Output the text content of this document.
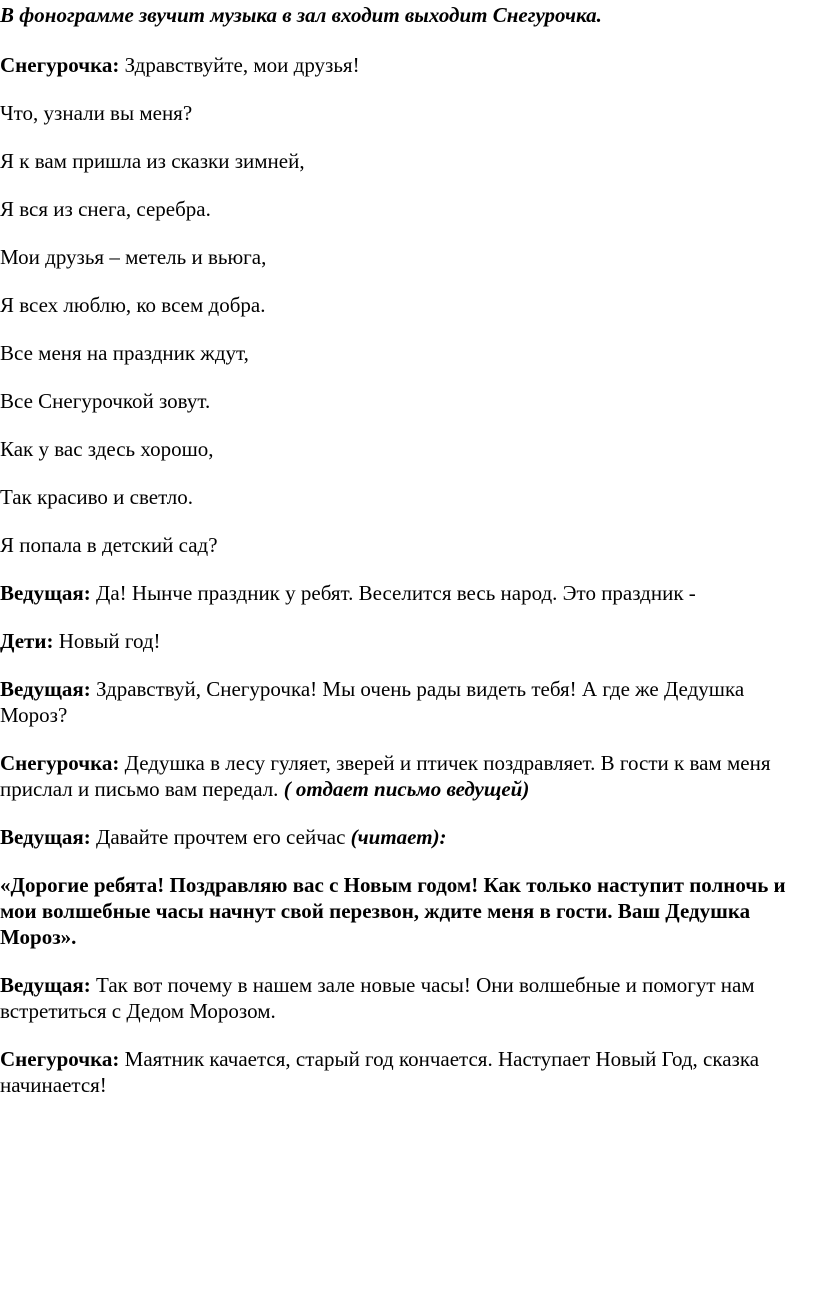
В фонограмме звучит музыка в зал входит выходит Снегурочка.

Снегурочка: Здравствуйте, мои друзья!

Что, узнали вы меня?

Я к вам пришла из сказки зимней,

Я вся из снега, серебра.

Мои друзья – метель и вьюга,

Я всех люблю, ко всем добра.

Все меня на праздник ждут,

Все Снегурочкой зовут.

Как у вас здесь хорошо,

Так красиво и светло.

Я попала в детский сад?

Ведущая: Да! Нынче праздник у ребят. Веселится весь народ. Это праздник -

Дети: Новый год!

Ведущая: Здравствуй, Снегурочка! Мы очень рады видеть тебя! А где же Дедушка Мороз?

Снегурочка: Дедушка в лесу гуляет, зверей и птичек поздравляет. В гости к вам меня прислал и письмо вам передал. ( отдает письмо ведущей)

Ведущая: Давайте прочтем его сейчас (читает):

«Дорогие ребята! Поздравляю вас с Новым годом! Как только наступит полночь и мои волшебные часы начнут свой перезвон, ждите меня в гости. Ваш Дедушка Мороз».

Ведущая: Так вот почему в нашем зале новые часы! Они волшебные и помогут нам встретиться с Дедом Морозом.

Снегурочка: Маятник качается, старый год кончается. Наступает Новый Год, сказка начинается!
